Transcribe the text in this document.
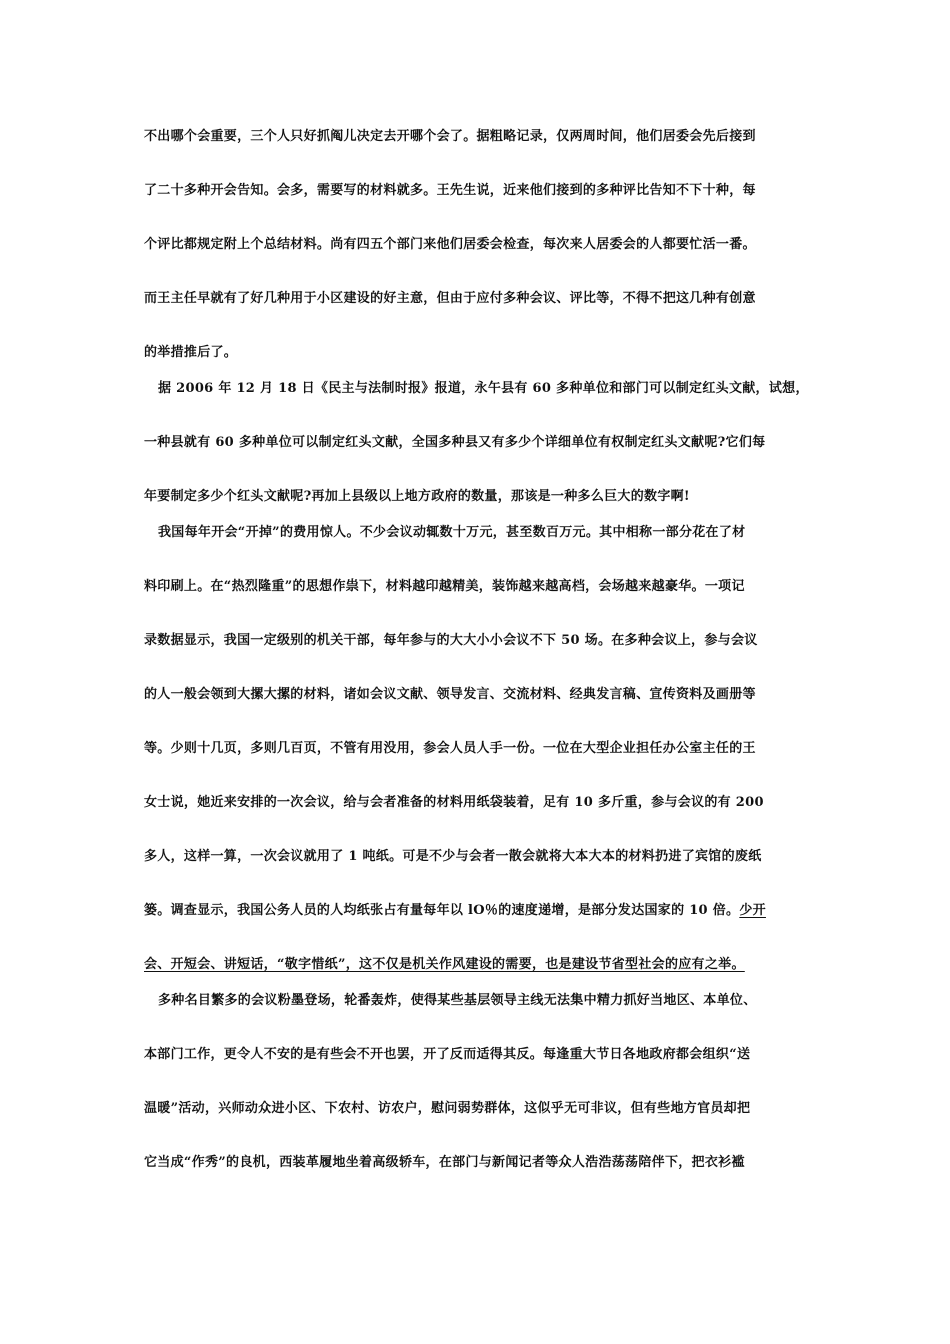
不出哪个会重要，三个人只好抓阄儿决定去开哪个会了。据粗略记录，仅两周时间，他们居委会先后接到
了二十多种开会告知。会多，需要写的材料就多。王先生说，近来他们接到的多种评比告知不下十种，每
个评比都规定附上个总结材料。尚有四五个部门来他们居委会检查，每次来人居委会的人都要忙活一番。
而王主任早就有了好几种用于小区建设的好主意，但由于应付多种会议、评比等，不得不把这几种有创意
的举措推后了。
据 2006 年 12 月 18 日《民主与法制时报》报道，永午县有 60 多种单位和部门可以制定红头文献，试想，
一种县就有 60 多种单位可以制定红头文献，全国多种县又有多少个详细单位有权制定红头文献呢?它们每
年要制定多少个红头文献呢?再加上县级以上地方政府的数量，那该是一种多么巨大的数字啊!
我国每年开会“开掉”的费用惊人。不少会议动辄数十万元，甚至数百万元。其中相称一部分花在了材
料印刷上。在“热烈隆重”的思想作祟下，材料越印越精美，装饰越来越高档，会场越来越豪华。一项记
录数据显示，我国一定级别的机关干部，每年参与的大大小小会议不下 50 场。在多种会议上，参与会议
的人一般会领到大摞大摞的材料，诸如会议文献、领导发言、交流材料、经典发言稿、宣传资料及画册等
等。少则十几页，多则几百页，不管有用没用，参会人员人手一份。一位在大型企业担任办公室主任的王
女士说，她近来安排的一次会议，给与会者准备的材料用纸袋装着，足有 10 多斤重，参与会议的有 200
多人，这样一算，一次会议就用了 1 吨纸。可是不少与会者一散会就将大本大本的材料扔进了宾馆的废纸
篓。调查显示，我国公务人员的人均纸张占有量每年以 lO％的速度递增，是部分发达国家的 10 倍。少开
会、开短会、讲短话，“敬字惜纸”，这不仅是机关作风建设的需要，也是建设节省型社会的应有之举。
多种名目繁多的会议粉墨登场，轮番轰炸，使得某些基层领导主线无法集中精力抓好当地区、本单位、
本部门工作，更令人不安的是有些会不开也罢，开了反而适得其反。每逢重大节日各地政府都会组织“送
温暖”活动，兴师动众进小区、下农村、访农户，慰问弱势群体，这似乎无可非议，但有些地方官员却把
它当成“作秀”的良机，西装革履地坐着高级轿车，在部门与新闻记者等众人浩浩荡荡陪伴下，把衣衫褴
